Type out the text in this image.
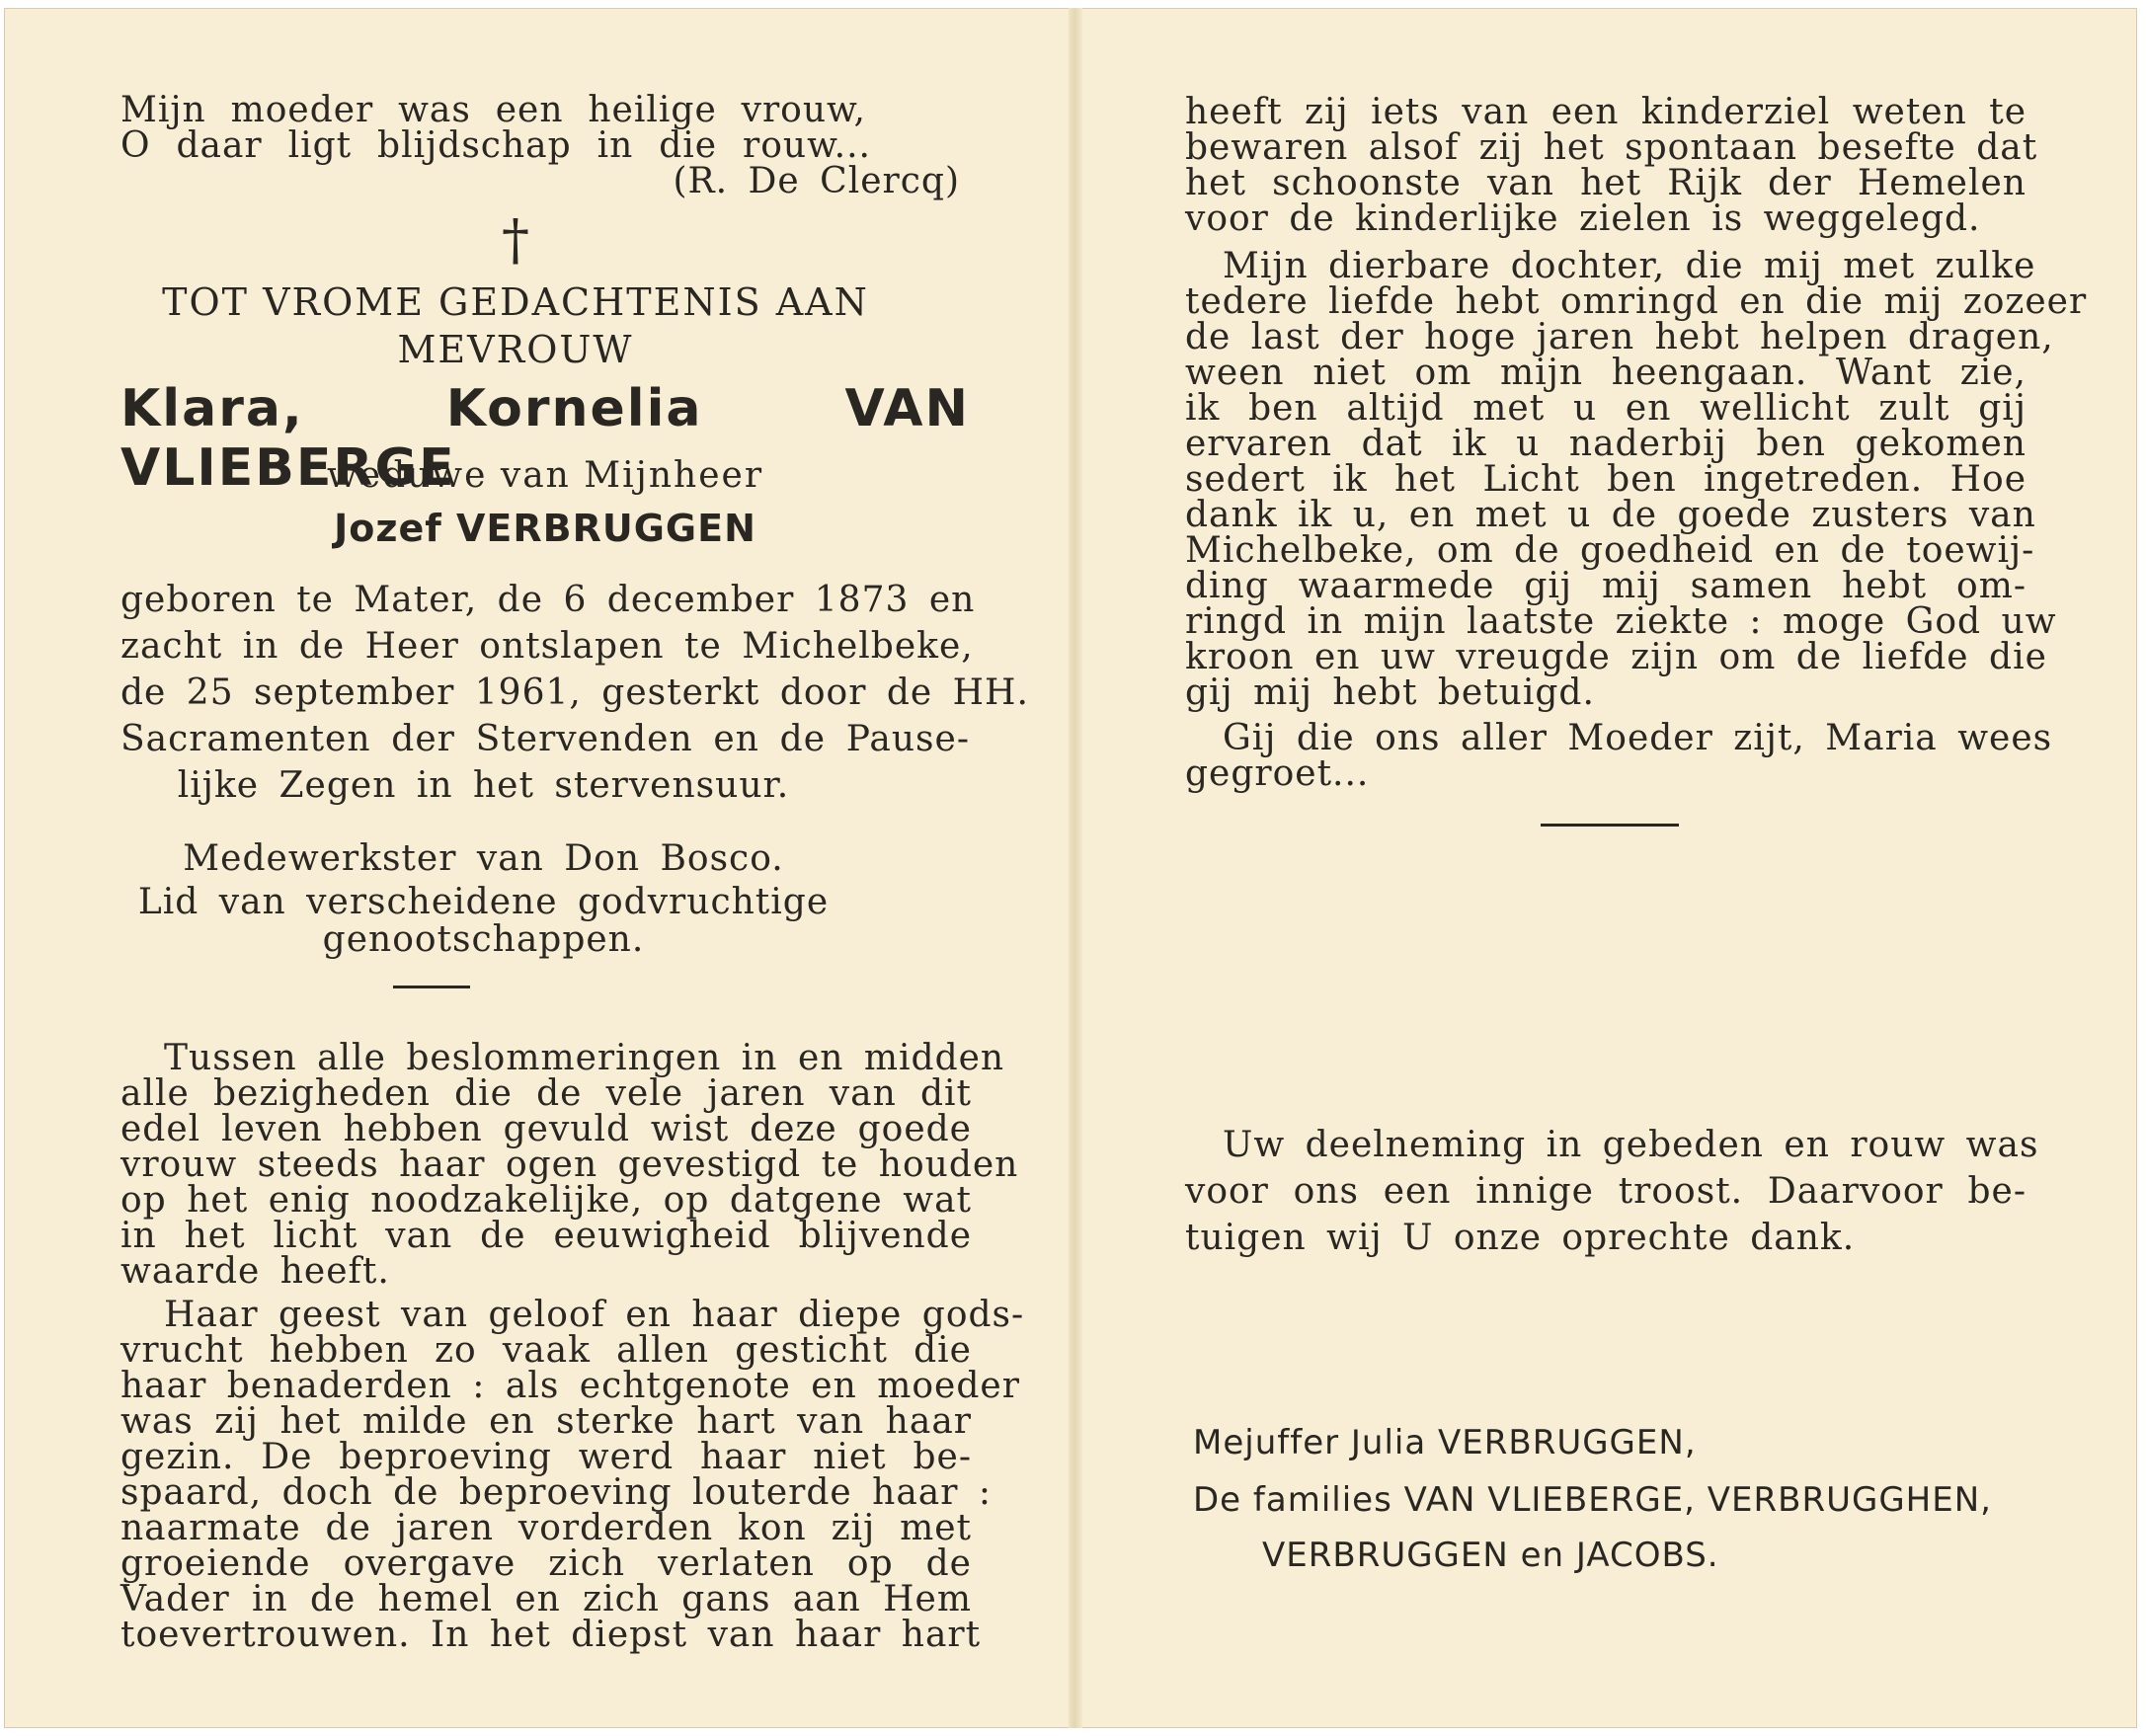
Mijn moeder was een heilige vrouw,

O daar ligt blijdschap in die rouw...

(R. De Clercq)

†

TOT VROME GEDACHTENIS AAN

MEVROUW

Klara, Kornelia VAN VLIEBERGE

weduwe van Mijnheer

Jozef VERBRUGGEN

geboren te Mater, de 6 december 1873 en

zacht in de Heer ontslapen te Michelbeke,

de 25 september 1961, gesterkt door de HH.

Sacramenten der Stervenden en de Pause-

lijke Zegen in het stervensuur.

Medewerkster van Don Bosco.

Lid van verscheidene godvruchtige

genootschappen.

Tussen alle beslommeringen in en midden

alle bezigheden die de vele jaren van dit

edel leven hebben gevuld wist deze goede

vrouw steeds haar ogen gevestigd te houden

op het enig noodzakelijke, op datgene wat

in het licht van de eeuwigheid blijvende

waarde heeft.

Haar geest van geloof en haar diepe gods-

vrucht hebben zo vaak allen gesticht die

haar benaderden : als echtgenote en moeder

was zij het milde en sterke hart van haar

gezin. De beproeving werd haar niet be-

spaard, doch de beproeving louterde haar :

naarmate de jaren vorderden kon zij met

groeiende overgave zich verlaten op de

Vader in de hemel en zich gans aan Hem

toevertrouwen. In het diepst van haar hart

heeft zij iets van een kinderziel weten te

bewaren alsof zij het spontaan besefte dat

het schoonste van het Rijk der Hemelen

voor de kinderlijke zielen is weggelegd.

Mijn dierbare dochter, die mij met zulke

tedere liefde hebt omringd en die mij zozeer

de last der hoge jaren hebt helpen dragen,

ween niet om mijn heengaan. Want zie,

ik ben altijd met u en wellicht zult gij

ervaren dat ik u naderbij ben gekomen

sedert ik het Licht ben ingetreden. Hoe

dank ik u, en met u de goede zusters van

Michelbeke, om de goedheid en de toewij-

ding waarmede gij mij samen hebt om-

ringd in mijn laatste ziekte : moge God uw

kroon en uw vreugde zijn om de liefde die

gij mij hebt betuigd.

Gij die ons aller Moeder zijt, Maria wees

gegroet...

Uw deelneming in gebeden en rouw was

voor ons een innige troost. Daarvoor be-

tuigen wij U onze oprechte dank.

Mejuffer Julia VERBRUGGEN,

De families VAN VLIEBERGE, VERBRUGGHEN,

VERBRUGGEN en JACOBS.
